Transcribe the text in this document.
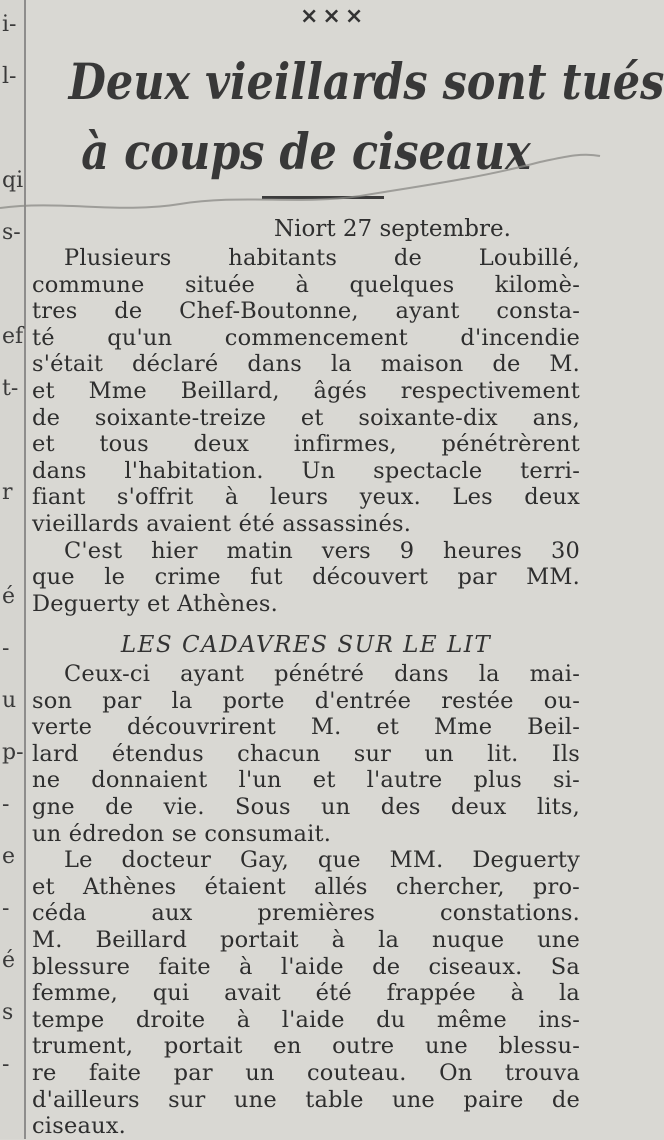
i-
l-
qi
s-
ef
t-
r
é
-
u
p-
-
e
-
é
s
-
×××
Deux vieillards sont tués
à coups de ciseaux
Niort 27 septembre.
Plusieurs habitants de Loubillé,
commune située à quelques kilomè-
tres de Chef-Boutonne, ayant consta-
té qu'un commencement d'incendie
s'était déclaré dans la maison de M.
et Mme Beillard, âgés respectivement
de soixante-treize et soixante-dix ans,
et tous deux infirmes, pénétrèrent
dans l'habitation. Un spectacle terri-
fiant s'offrit à leurs yeux. Les deux
vieillards avaient été assassinés.
C'est hier matin vers 9 heures 30
que le crime fut découvert par MM.
Deguerty et Athènes.
LES CADAVRES SUR LE LIT
Ceux-ci ayant pénétré dans la mai-
son par la porte d'entrée restée ou-
verte découvrirent M. et Mme Beil-
lard étendus chacun sur un lit. Ils
ne donnaient l'un et l'autre plus si-
gne de vie. Sous un des deux lits,
un édredon se consumait.
Le docteur Gay, que MM. Deguerty
et Athènes étaient allés chercher, pro-
céda aux premières constations.
M. Beillard portait à la nuque une
blessure faite à l'aide de ciseaux. Sa
femme, qui avait été frappée à la
tempe droite à l'aide du même ins-
trument, portait en outre une blessu-
re faite par un couteau. On trouva
d'ailleurs sur une table une paire de
ciseaux.
